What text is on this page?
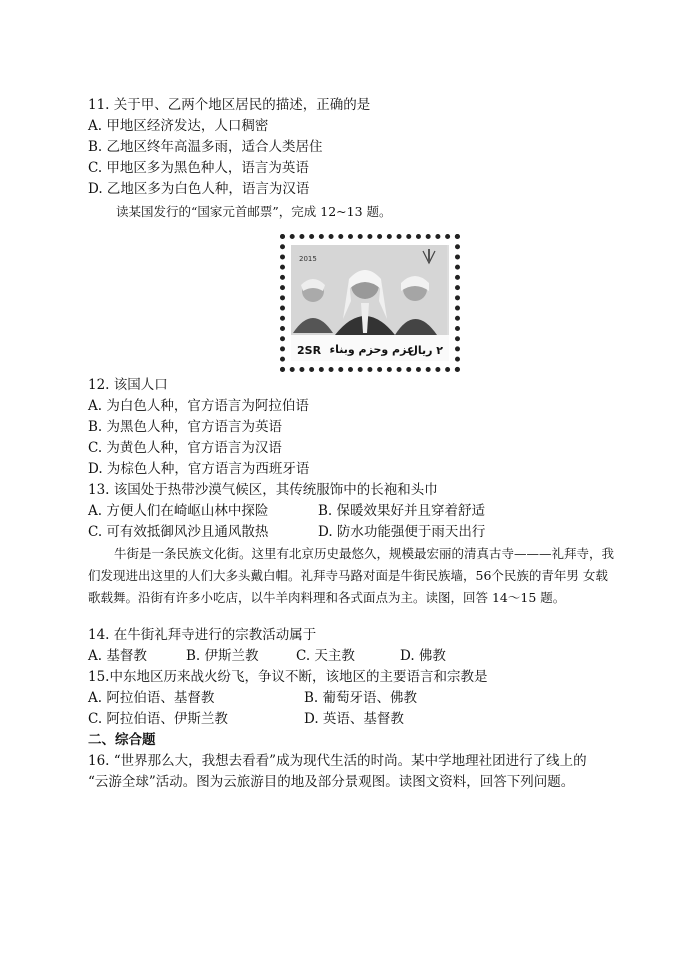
11. 关于甲、乙两个地区居民的描述，正确的是
A. 甲地区经济发达，人口稠密
B. 乙地区终年高温多雨，适合人类居住
C. 甲地区多为黑色种人，语言为英语
D. 乙地区多为白色人种，语言为汉语
读某国发行的“国家元首邮票”，完成 12~13 题。
2015
2SR عزم وحزم وبناء
٢ ريال
12. 该国人口
A. 为白色人种，官方语言为阿拉伯语
B. 为黑色人种，官方语言为英语
C. 为黄色人种，官方语言为汉语
D. 为棕色人种，官方语言为西班牙语
13. 该国处于热带沙漠气候区，其传统服饰中的长袍和头巾
A. 方便人们在崎岖山林中探险	B. 保暖效果好并且穿着舒适
C. 可有效抵御风沙且通风散热	D. 防水功能强便于雨天出行
牛街是一条民族文化街。这里有北京历史最悠久，规模最宏丽的清真古寺———礼拜寺，我们发现进出这里的人们大多头戴白帽。礼拜寺马路对面是牛街民族墙，56个民族的青年男 女载歌载舞。沿街有许多小吃店，以牛羊肉料理和各式面点为主。读图，回答 14～15 题。
14. 在牛街礼拜寺进行的宗教活动属于
A. 基督教	B. 伊斯兰教	C. 天主教	D. 佛教
15.中东地区历来战火纷飞，争议不断，该地区的主要语言和宗教是
A. 阿拉伯语、基督教	B. 葡萄牙语、佛教
C. 阿拉伯语、伊斯兰教	D. 英语、基督教
二、综合题
16. “世界那么大，我想去看看”成为现代生活的时尚。某中学地理社团进行了线上的
“云游全球”活动。图为云旅游目的地及部分景观图。读图文资料，回答下列问题。
